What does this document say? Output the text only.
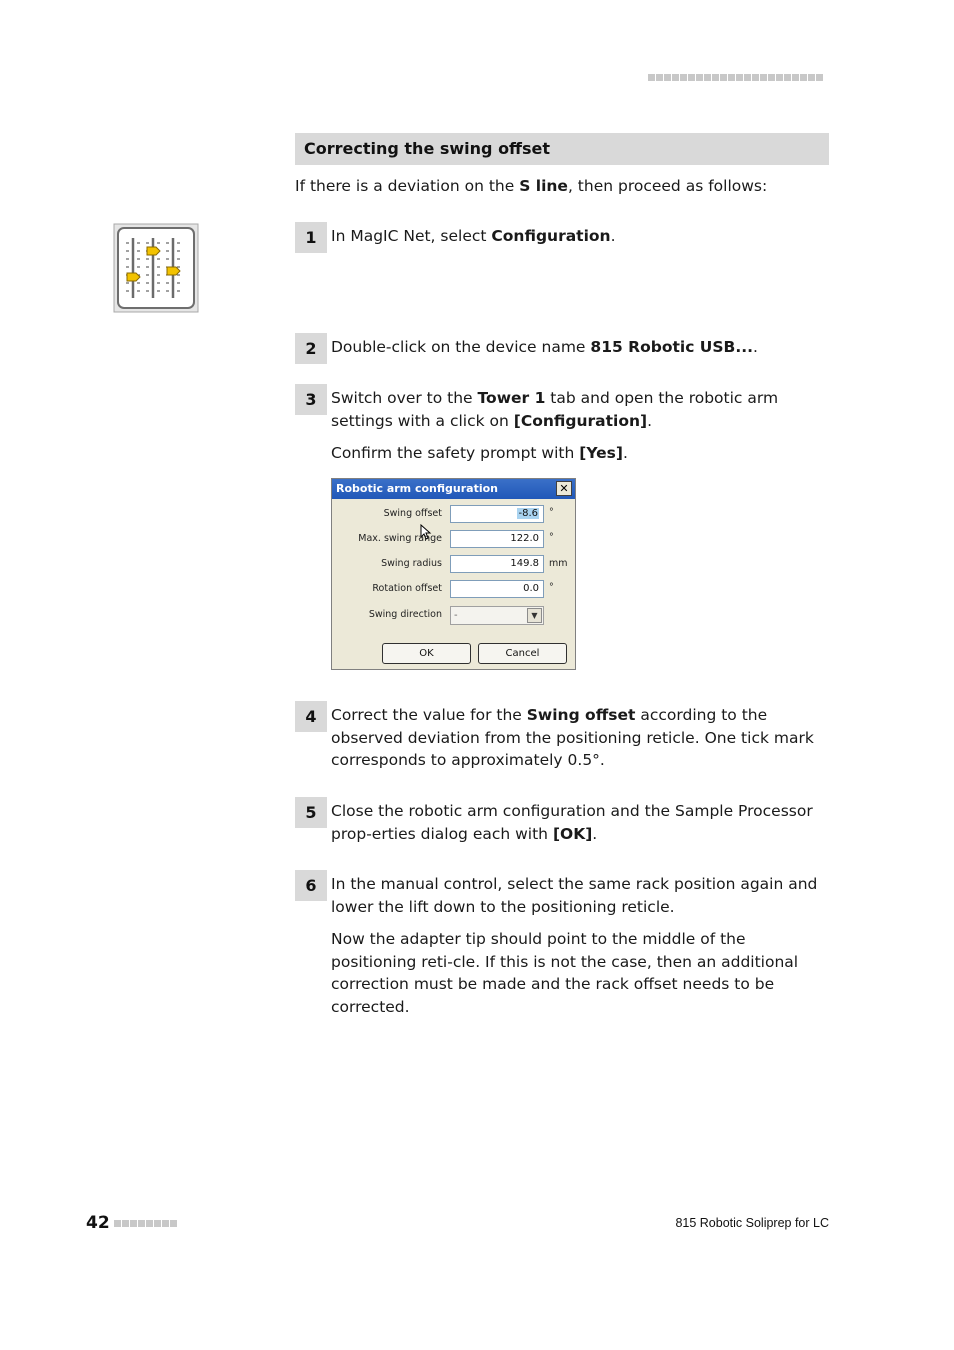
Correcting the swing offset

If there is a deviation on the S line, then proceed as follows:

1 In MagIC Net, select Configuration.

2 Double-click on the device name 815 Robotic USB....

3 Switch over to the Tower 1 tab and open the robotic arm settings with a click on [Configuration].

Confirm the safety prompt with [Yes].

Robotic arm configuration	✕
Swing offset	-8.6	°
Max. swing range	122.0	°
Swing radius	149.8	mm
Rotation offset	0.0	°
Swing direction	-	▼
OK	Cancel
4 Correct the value for the Swing offset according to the observed deviation from the positioning reticle. One tick mark corresponds to approximately 0.5°.

5 Close the robotic arm configuration and the Sample Processor prop-erties dialog each with [OK].

6 In the manual control, select the same rack position again and lower the lift down to the positioning reticle.

Now the adapter tip should point to the middle of the positioning reti-cle. If this is not the case, then an additional correction must be made and the rack offset needs to be corrected.

42	815 Robotic Soliprep for LC
